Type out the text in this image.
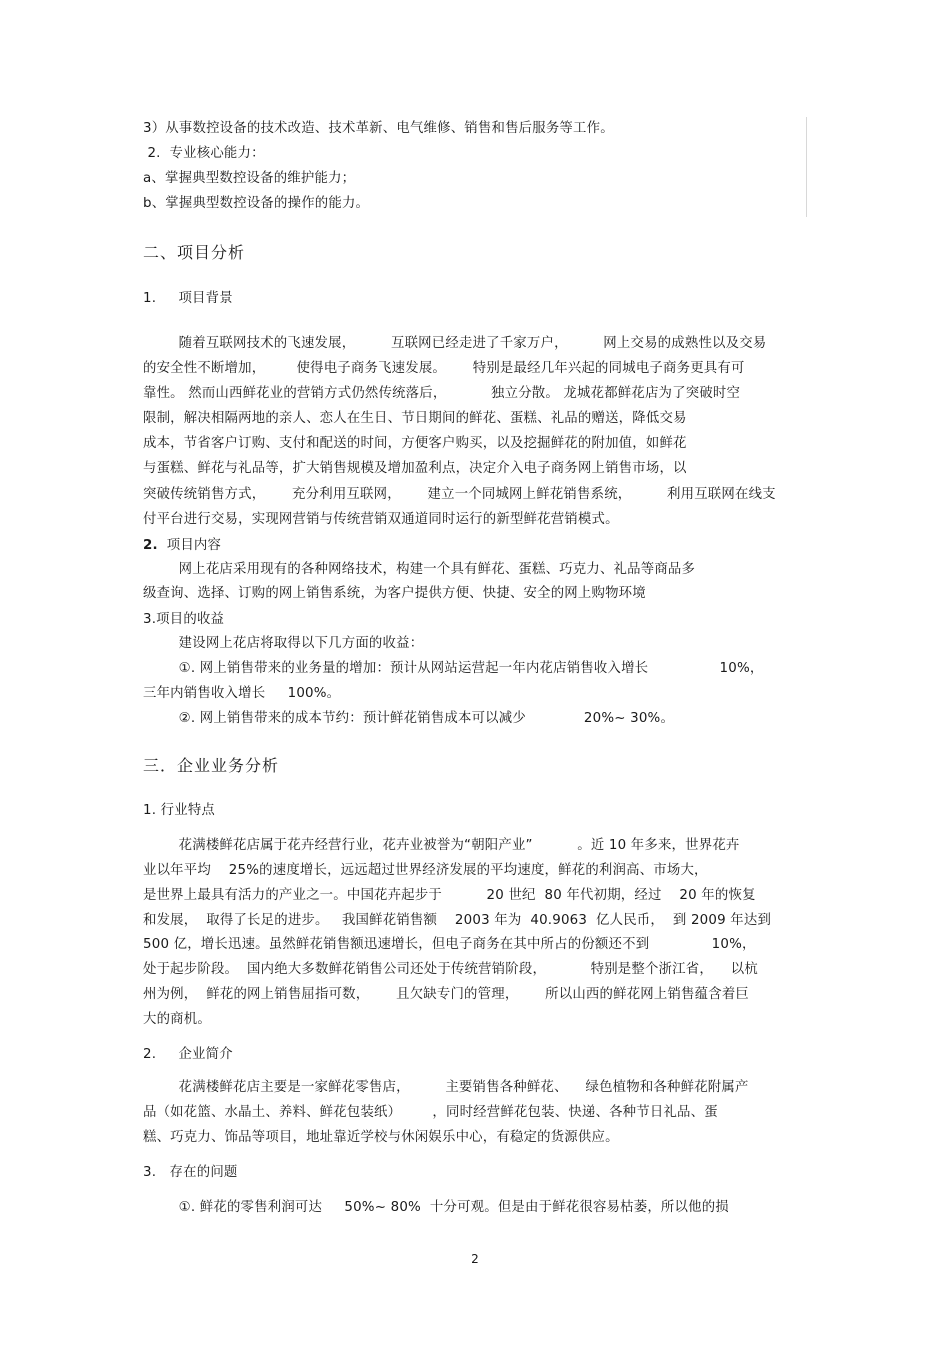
3）从事数控设备的技术改造、技术革新、电气维修、销售和售后服务等工作。
2.  专业核心能力：
a、掌握典型数控设备的维护能力；
b、掌握典型数控设备的操作的能力。
二、项目分析
1.     项目背景
随着互联网技术的飞速发展，        互联网已经走进了千家万户，        网上交易的成熟性以及交易
的安全性不断增加，       使得电子商务飞速发展。      特别是最经几年兴起的同城电子商务更具有可
靠性。 然而山西鲜花业的营销方式仍然传统落后，          独立分散。 龙城花都鲜花店为了突破时空
限制，解决相隔两地的亲人、恋人在生日、节日期间的鲜花、蛋糕、礼品的赠送，降低交易
成本，节省客户订购、支付和配送的时间，方便客户购买，以及挖掘鲜花的附加值，如鲜花
与蛋糕、鲜花与礼品等，扩大销售规模及增加盈利点，决定介入电子商务网上销售市场，以
突破传统销售方式，      充分利用互联网，      建立一个同城网上鲜花销售系统，        利用互联网在线支
付平台进行交易，实现网营销与传统营销双通道同时运行的新型鲜花营销模式。
2.  项目内容
网上花店采用现有的各种网络技术，构建一个具有鲜花、蛋糕、巧克力、礼品等商品多
级查询、选择、订购的网上销售系统，为客户提供方便、快捷、安全的网上购物环境
3.项目的收益
建设网上花店将取得以下几方面的收益：
①. 网上销售带来的业务量的增加：预计从网站运营起一年内花店销售收入增长                10%，
三年内销售收入增长     100%。
②. 网上销售带来的成本节约：预计鲜花销售成本可以减少             20%~ 30%。
三．企业业务分析
1. 行业特点
花满楼鲜花店属于花卉经营行业，花卉业被誉为“朝阳产业”          。近 10 年多来，世界花卉
业以年平均    25%的速度增长，远远超过世界经济发展的平均速度，鲜花的利润高、市场大，
是世界上最具有活力的产业之一。中国花卉起步于          20 世纪  80 年代初期，经过    20 年的恢复
和发展，  取得了长足的进步。   我国鲜花销售额    2003 年为  40.9063  亿人民币，  到 2009 年达到
500 亿，增长迅速。虽然鲜花销售额迅速增长，但电子商务在其中所占的份额还不到              10%，
处于起步阶段。  国内绝大多数鲜花销售公司还处于传统营销阶段，          特别是整个浙江省，    以杭
州为例，  鲜花的网上销售屈指可数，      且欠缺专门的管理，      所以山西的鲜花网上销售蕴含着巨
大的商机。
2.     企业简介
花满楼鲜花店主要是一家鲜花零售店，        主要销售各种鲜花、    绿色植物和各种鲜花附属产
品（如花篮、水晶土、养料、鲜花包装纸）       ，同时经营鲜花包装、快递、各种节日礼品、蛋
糕、巧克力、饰品等项目，地址靠近学校与休闲娱乐中心，有稳定的货源供应。
3.   存在的问题
①. 鲜花的零售利润可达     50%~ 80%  十分可观。但是由于鲜花很容易枯萎，所以他的损
2
